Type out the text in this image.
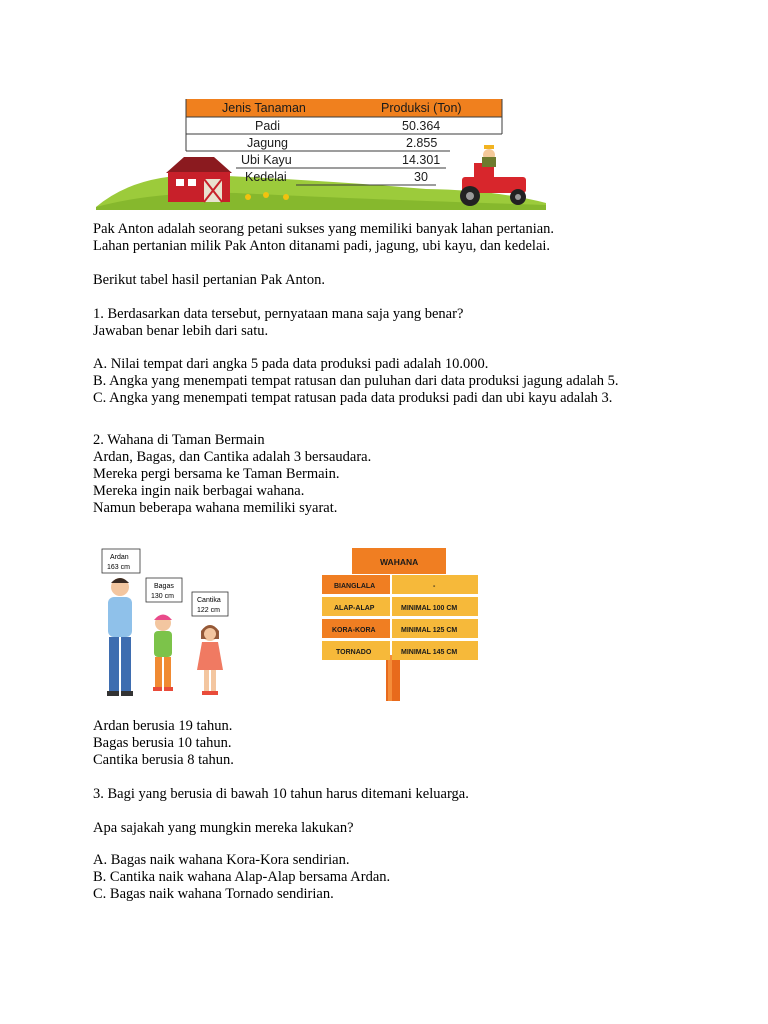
Jenis Tanaman	Produksi (Ton)
Padi	50.364
Jagung	2.855
Ubi Kayu	14.301
Kedelai	30
Pak Anton adalah seorang petani sukses yang memiliki banyak lahan pertanian.
Lahan pertanian milik Pak Anton ditanami padi, jagung, ubi kayu, dan kedelai.
Berikut tabel hasil pertanian Pak Anton.
1. Berdasarkan data tersebut, pernyataan mana saja yang benar?
Jawaban benar lebih dari satu.
A. Nilai tempat dari angka 5 pada data produksi padi adalah 10.000.
B. Angka yang menempati tempat ratusan dan puluhan dari data produksi jagung adalah 5.
C. Angka yang menempati tempat ratusan pada data produksi padi dan ubi kayu adalah 3.
2. Wahana di Taman Bermain
Ardan, Bagas, dan Cantika adalah 3 bersaudara.
Mereka pergi bersama ke Taman Bermain.
Mereka ingin naik berbagai wahana.
Namun beberapa wahana memiliki syarat.
Ardan
163 cm
Bagas
130 cm
Cantika
122 cm
WAHANA
BIANGLALA	-
ALAP-ALAP	MINIMAL 100 CM
KORA-KORA	MINIMAL 125 CM
TORNADO	MINIMAL 145 CM
Ardan berusia 19 tahun.
Bagas berusia 10 tahun.
Cantika berusia 8 tahun.
3. Bagi yang berusia di bawah 10 tahun harus ditemani keluarga.
Apa sajakah yang mungkin mereka lakukan?
A. Bagas naik wahana Kora-Kora sendirian.
B. Cantika naik wahana Alap-Alap bersama Ardan.
C. Bagas naik wahana Tornado sendirian.
